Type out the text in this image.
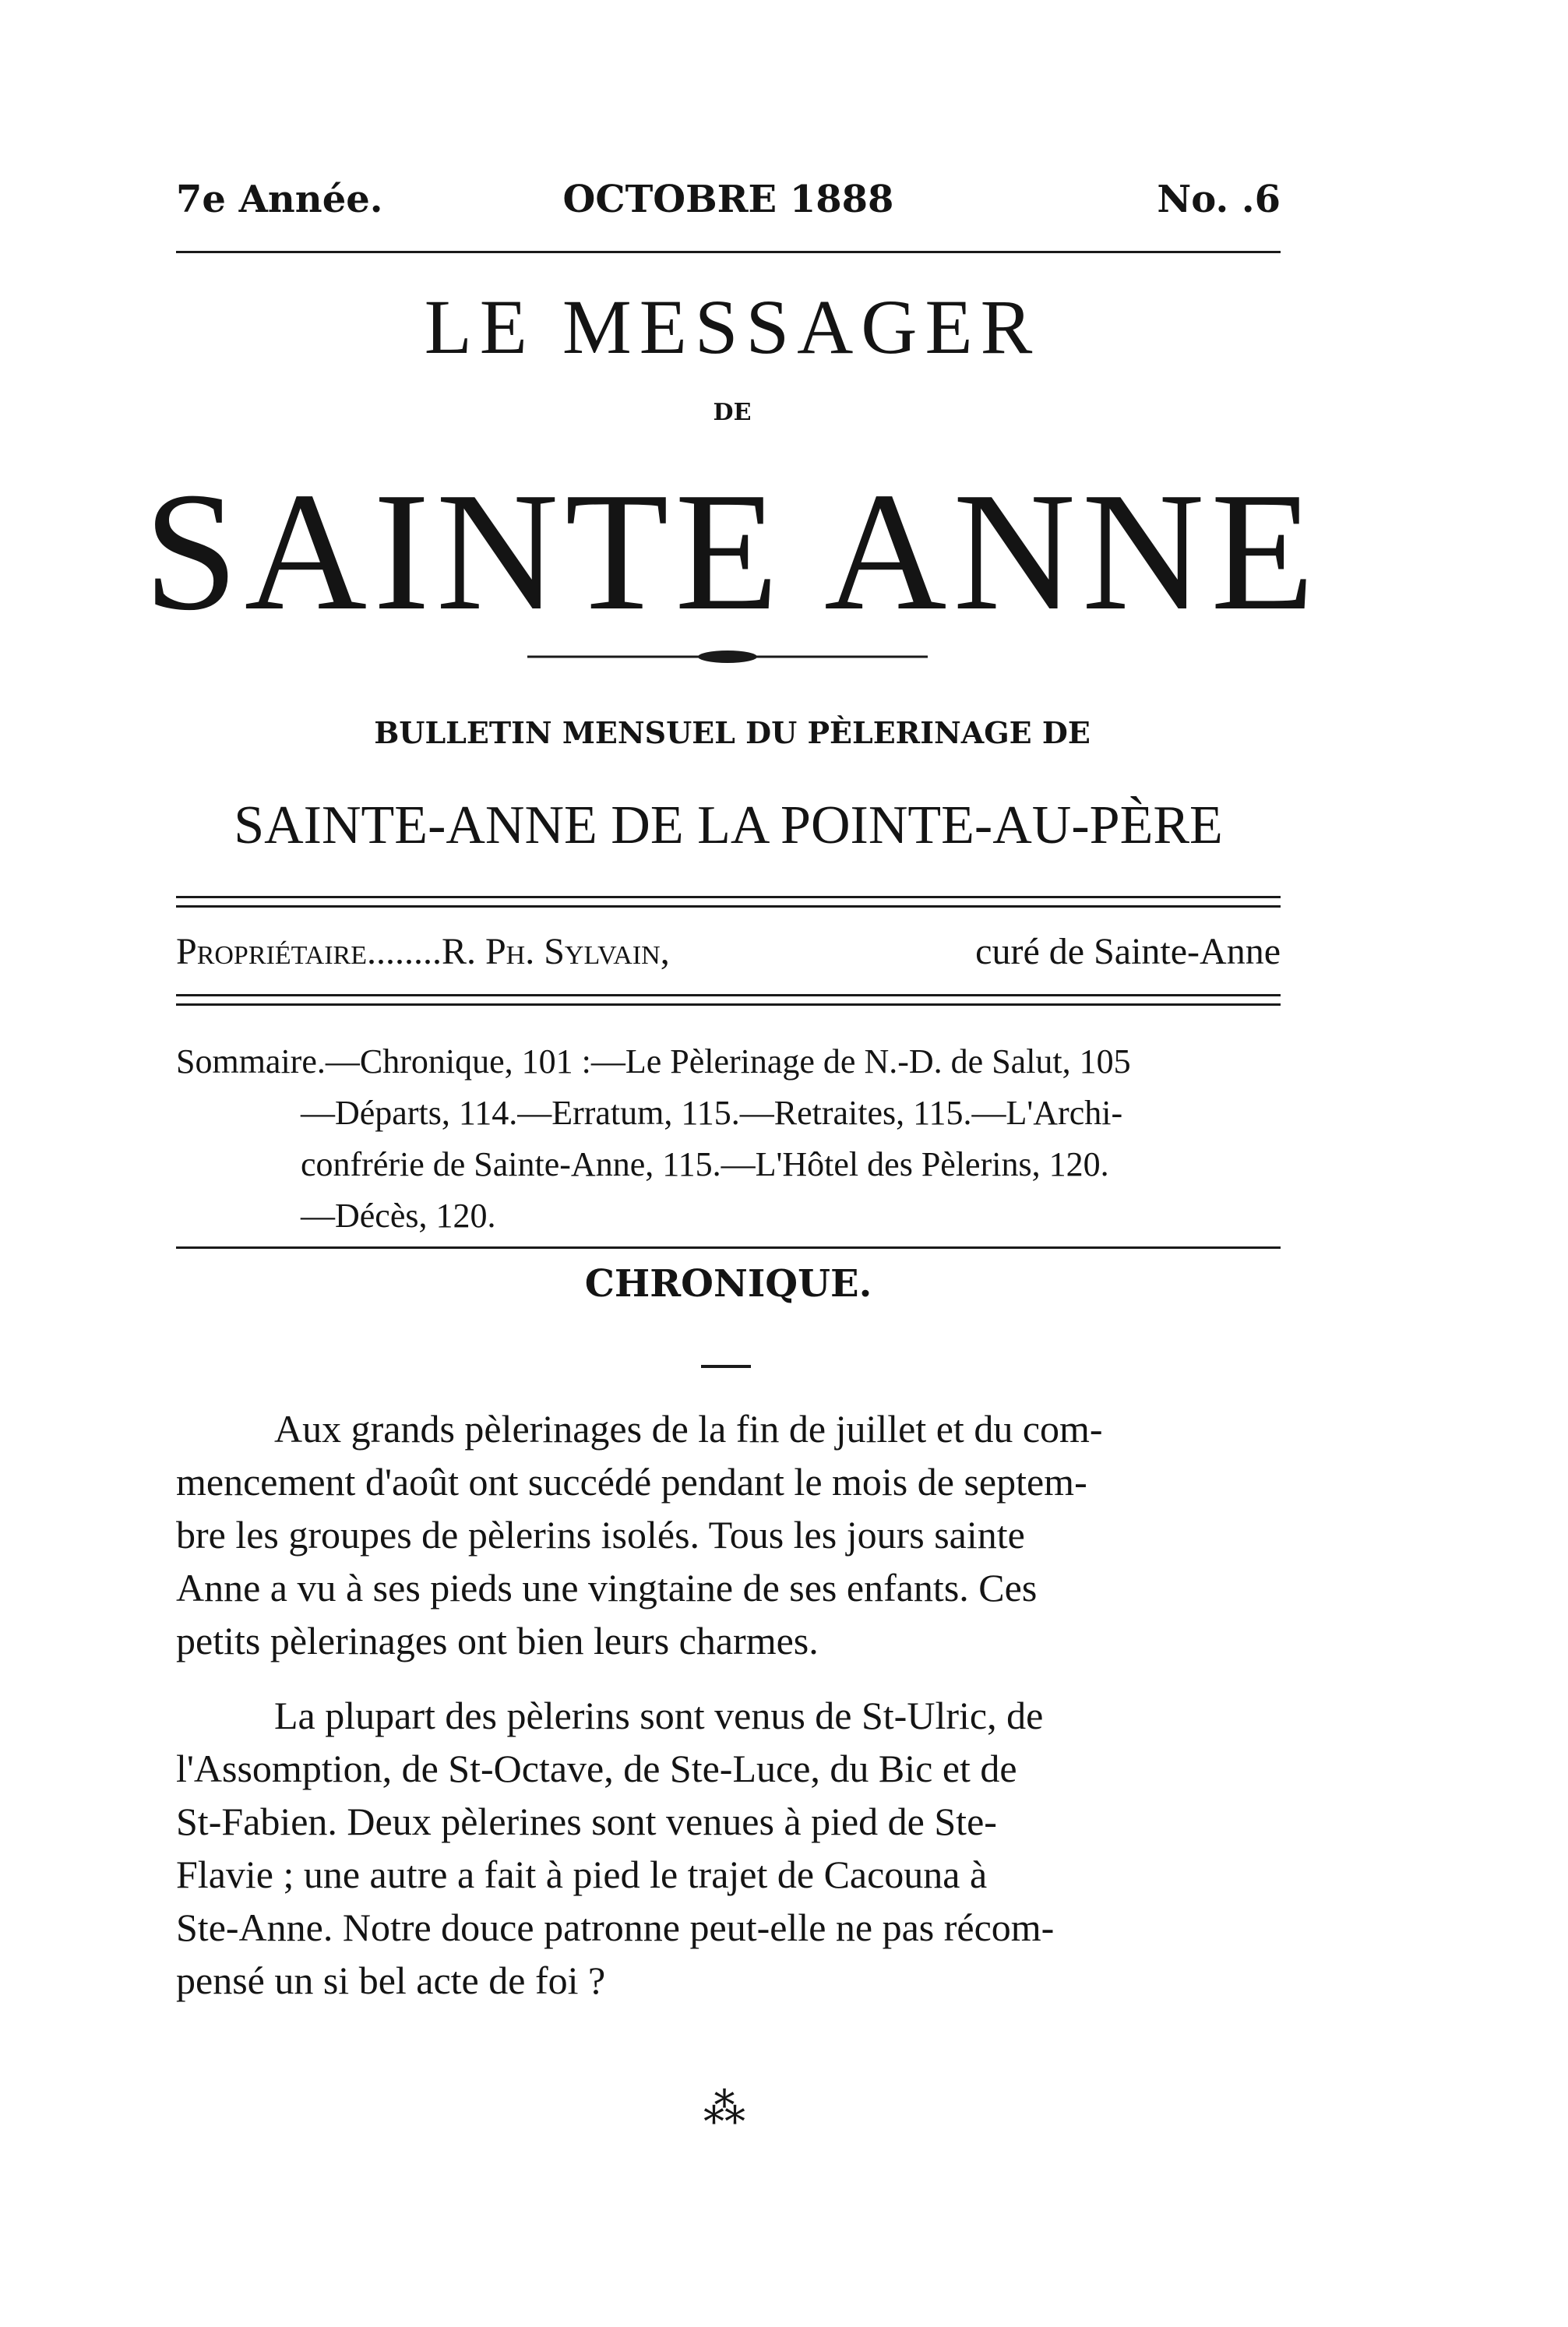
7e Année.	OCTOBRE 1888	No. .6
LE MESSAGER
DE
SAINTE ANNE
BULLETIN MENSUEL DU PÈLERINAGE DE
SAINTE-ANNE DE LA POINTE-AU-PÈRE
Propriétaire........R. Ph. Sylvain,	curé de Sainte-Anne
Sommaire.—Chronique, 101 :—Le Pèlerinage de N.-D. de Salut, 105
—Départs, 114.—Erratum, 115.—Retraites, 115.—L'Archi-
confrérie de Sainte-Anne, 115.—L'Hôtel des Pèlerins, 120.
—Décès, 120.
CHRONIQUE.
Aux grands pèlerinages de la fin de juillet et du com-
mencement d'août ont succédé pendant le mois de septem-
bre les groupes de pèlerins isolés. Tous les jours sainte
Anne a vu à ses pieds une vingtaine de ses enfants. Ces
petits pèlerinages ont bien leurs charmes.
La plupart des pèlerins sont venus de St-Ulric, de
l'Assomption, de St-Octave, de Ste-Luce, du Bic et de
St-Fabien. Deux pèlerines sont venues à pied de Ste-
Flavie ; une autre a fait à pied le trajet de Cacouna à
Ste-Anne. Notre douce patronne peut-elle ne pas récom-
pensé un si bel acte de foi ?
⁂
